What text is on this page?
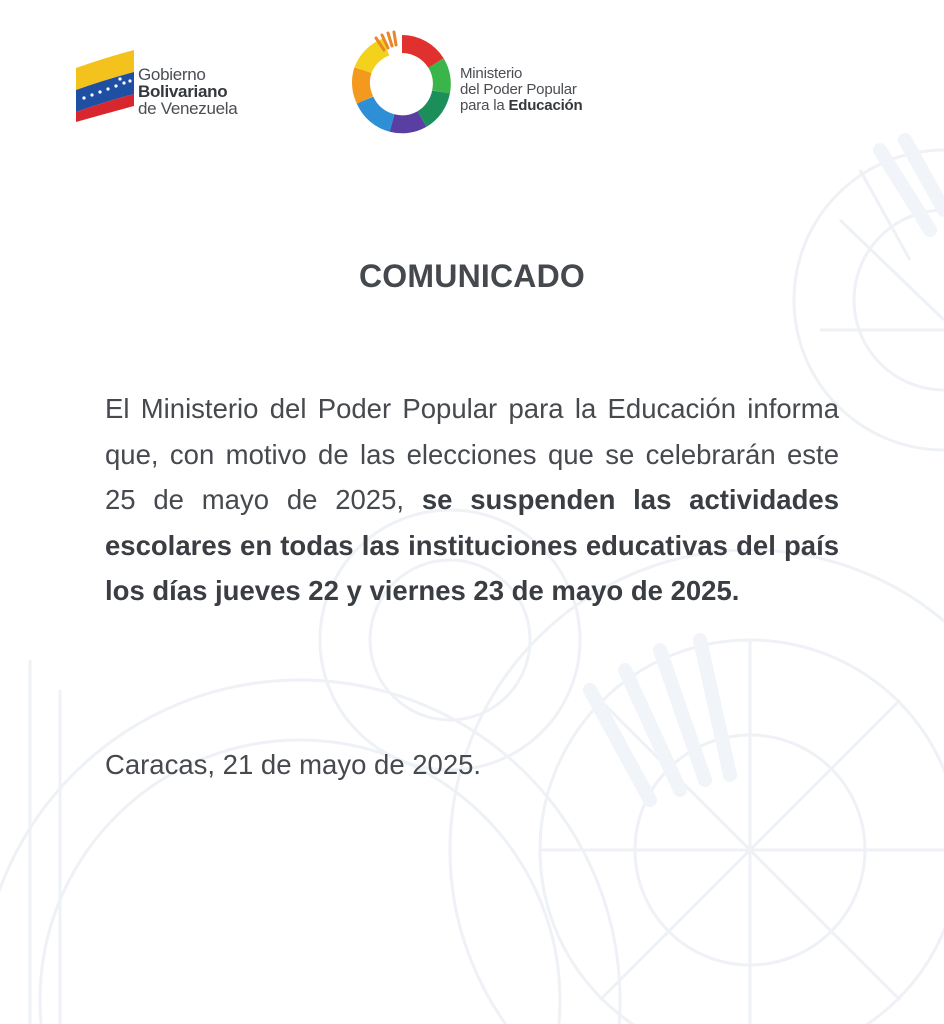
Gobierno
Bolivariano
de Venezuela
Ministerio
del Poder Popular
para la Educación
COMUNICADO
El Ministerio del Poder Popular para la Educación informa que, con motivo de las elecciones que se celebrarán este 25 de mayo de 2025, se suspenden las actividades escolares en todas las instituciones educativas del país los días jueves 22 y viernes 23 de mayo de 2025.
Caracas, 21 de mayo de 2025.
